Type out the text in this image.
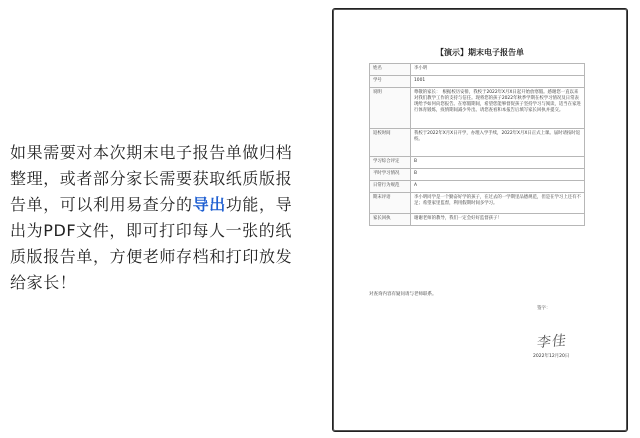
如果需要对本次期末电子报告单做归档整理，或者部分家长需要获取纸质版报告单，可以利用易查分的导出功能，导出为PDF文件，即可打印每人一张的纸质版报告单，方便老师存档和打印放发给家长！
【演示】期末电子报告单
姓名	李小明
学号	1001
说明	尊敬的家长：　根据校历安排，我校于2022年X月X日起开始放寒假。感谢您一直以来对我们教学工作的支持与信任。现将您的孩子2022年秋季学期在校学习情况及日常表现给予如何向您报告。在寒假期间，希望您能够督促孩子坚持学习与阅读，适当在家进行体育锻炼，疫情期间减少外出。请您查看和本报告后填写家长回执并提交。
返校时间	我校于2022年X月X日开学，办理入学手续，2022年X月X日正式上课。届时请按时返校。
学习综合评定	B
平时学习情况	B
日常行为规范	A
期末评语	李小明同学是一个勤奋好学的孩子，在过去的一学期里品德规范，但是在学习上还有不足；希望家里监督，利用假期时间多学习。
家长回执	谢谢老师的教导，我们一定会好好监督孩子！
对查询内容有疑问请与老师联系。
签字：
李佳
2022年12月20日
